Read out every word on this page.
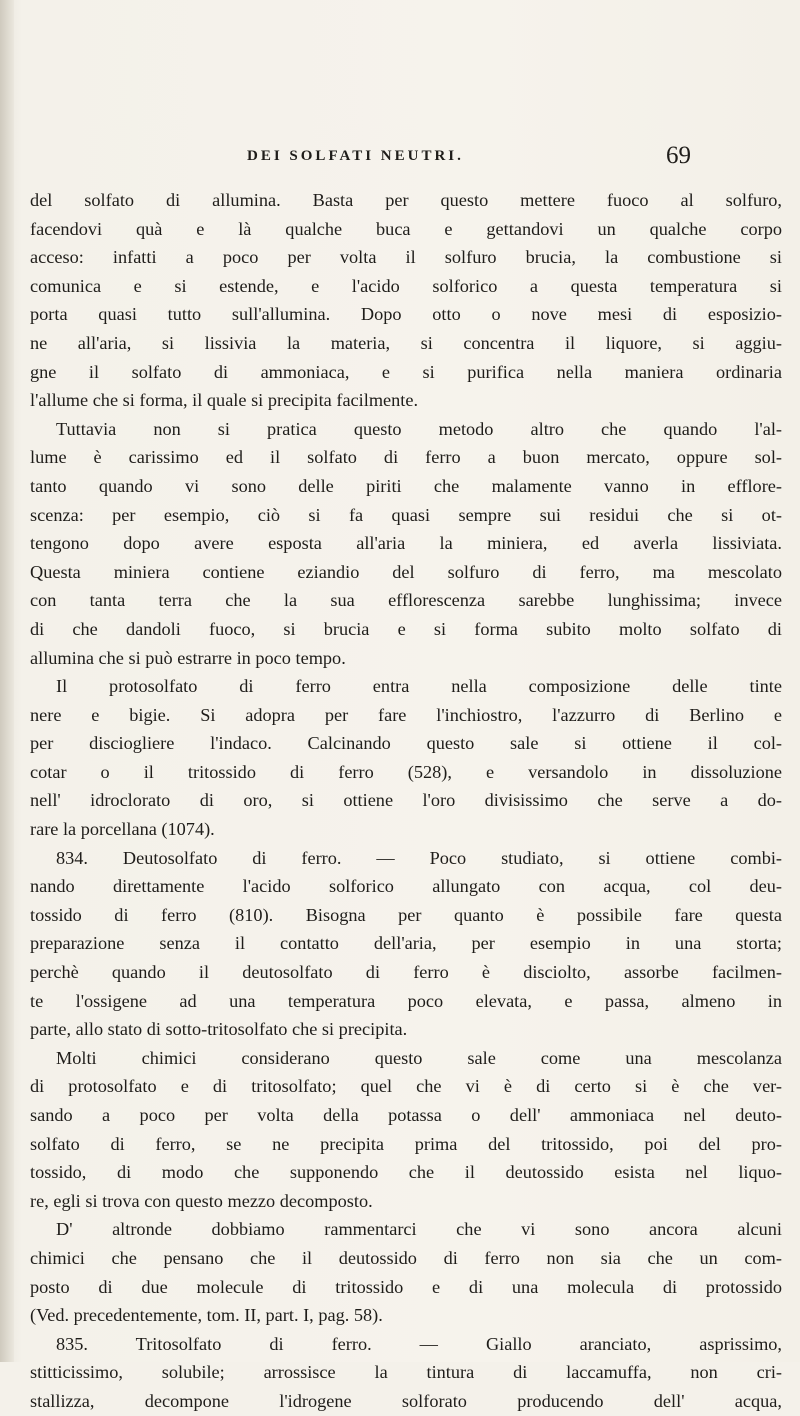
DEI SOLFATI NEUTRI.	69
del solfato di allumina. Basta per questo mettere fuoco al solfuro,
facendovi quà e là qualche buca e gettandovi un qualche corpo
acceso: infatti a poco per volta il solfuro brucia, la combustione si
comunica e si estende, e l'acido solforico a questa temperatura si
porta quasi tutto sull'allumina. Dopo otto o nove mesi di esposizio-
ne all'aria, si lissivia la materia, si concentra il liquore, si aggiu-
gne il solfato di ammoniaca, e si purifica nella maniera ordinaria
l'allume che si forma, il quale si precipita facilmente.
Tuttavia non si pratica questo metodo altro che quando l'al-
lume è carissimo ed il solfato di ferro a buon mercato, oppure sol-
tanto quando vi sono delle piriti che malamente vanno in efflore-
scenza: per esempio, ciò si fa quasi sempre sui residui che si ot-
tengono dopo avere esposta all'aria la miniera, ed averla lissiviata.
Questa miniera contiene eziandio del solfuro di ferro, ma mescolato
con tanta terra che la sua efflorescenza sarebbe lunghissima; invece
di che dandoli fuoco, si brucia e si forma subito molto solfato di
allumina che si può estrarre in poco tempo.
Il protosolfato di ferro entra nella composizione delle tinte
nere e bigie. Si adopra per fare l'inchiostro, l'azzurro di Berlino e
per disciogliere l'indaco. Calcinando questo sale si ottiene il col-
cotar o il tritossido di ferro (528), e versandolo in dissoluzione
nell' idroclorato di oro, si ottiene l'oro divisissimo che serve a do-
rare la porcellana (1074).
834. Deutosolfato di ferro. — Poco studiato, si ottiene combi-
nando direttamente l'acido solforico allungato con acqua, col deu-
tossido di ferro (810). Bisogna per quanto è possibile fare questa
preparazione senza il contatto dell'aria, per esempio in una storta;
perchè quando il deutosolfato di ferro è disciolto, assorbe facilmen-
te l'ossigene ad una temperatura poco elevata, e passa, almeno in
parte, allo stato di sotto-tritosolfato che si precipita.
Molti chimici considerano questo sale come una mescolanza
di protosolfato e di tritosolfato; quel che vi è di certo si è che ver-
sando a poco per volta della potassa o dell' ammoniaca nel deuto-
solfato di ferro, se ne precipita prima del tritossido, poi del pro-
tossido, di modo che supponendo che il deutossido esista nel liquo-
re, egli si trova con questo mezzo decomposto.
D' altronde dobbiamo rammentarci che vi sono ancora alcuni
chimici che pensano che il deutossido di ferro non sia che un com-
posto di due molecule di tritossido e di una molecula di protossido
(Ved. precedentemente, tom. II, part. I, pag. 58).
835. Tritosolfato di ferro. — Giallo aranciato, asprissimo,
stitticissimo, solubile; arrossisce la tintura di laccamuffa, non cri-
stallizza, decompone l'idrogene solforato producendo dell' acqua,
